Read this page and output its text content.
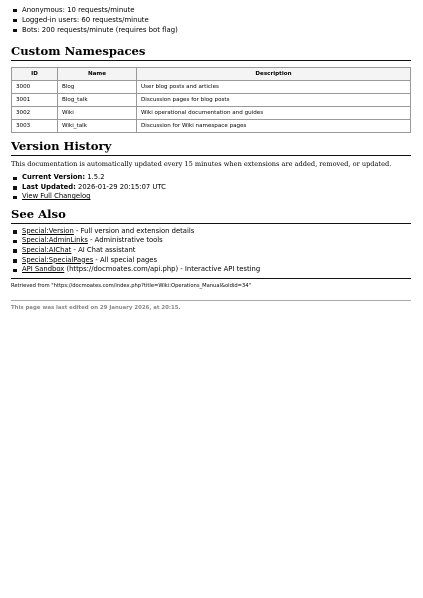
Anonymous: 10 requests/minute
Logged-in users: 60 requests/minute
Bots: 200 requests/minute (requires bot flag)
Custom Namespaces
ID	Name	Description
3000	Blog	User blog posts and articles
3001	Blog_talk	Discussion pages for blog posts
3002	Wiki	Wiki operational documentation and guides
3003	Wiki_talk	Discussion for Wiki namespace pages
Version History

This documentation is automatically updated every 15 minutes when extensions are added, removed, or updated.

Current Version: 1.5.2
Last Updated: 2026-01-29 20:15:07 UTC
View Full Changelog
See Also
Special:Version - Full version and extension details
Special:AdminLinks - Administrative tools
Special:AIChat - AI Chat assistant
Special:SpecialPages - All special pages
API Sandbox (https://docmoates.com/api.php) - Interactive API testing
Retrieved from "https://docmoates.com/index.php?title=Wiki:Operations_Manual&oldid=34"
This page was last edited on 29 January 2026, at 20:15.
